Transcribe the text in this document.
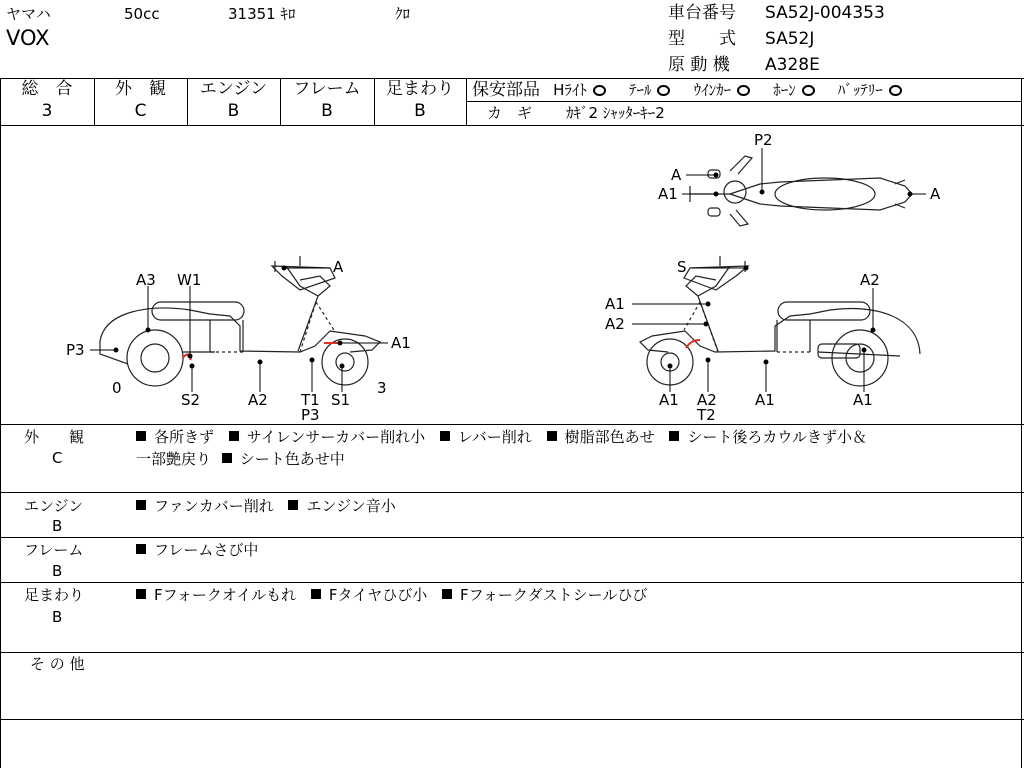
ヤマハ	50cc	31351 ｷﾛ	ｸﾛ
VOX
車台番号 SA52J-004353
型　　式 SA52J
原 動 機 A328E
総　合
3
外　観
C
エンジン
B
フレーム
B
足まわり
B
保安部品 Hﾗｲﾄ	ﾃｰﾙ	ｳｲﾝｶｰ	ﾎｰﾝ	ﾊﾞｯﾃﾘｰ
カ　ギ ｶｷﾞ2 ｼｬｯﾀｰｷｰ2
P2
A
A1	A
A3 W1
A
P3	A1
0	3
S2	A2 T1
P3
S1
S
A2
A1
A2
A1 A2	A1
T2
A1
外　　観
C
各所きず サイレンサーカバー削れ小 レバー削れ 樹脂部色あせ シート後ろカウルきず小＆
一部艶戻り シート色あせ中
エンジン
B
ファンカバー削れ エンジン音小
フレーム
B
フレームさび中
足まわり
B
Fフォークオイルもれ Fタイヤひび小 Fフォークダストシールひび
そ の 他
